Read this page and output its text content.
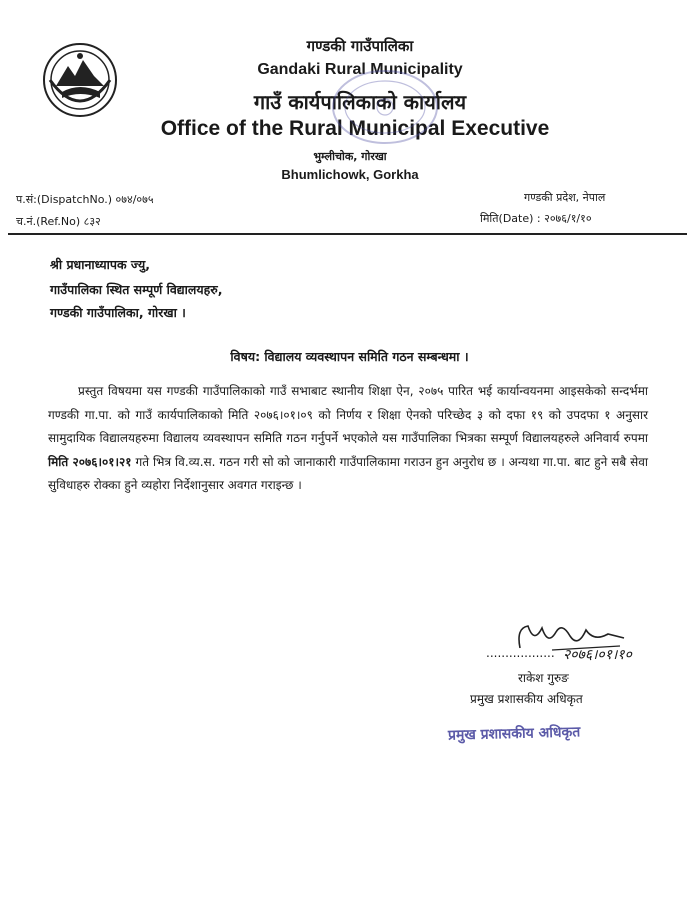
गण्डकी गाउँपालिका
Gandaki Rural Municipality
गाउँ कार्यपालिकाको कार्यालय
Office of the Rural Municipal Executive
भुम्लीचोक, गोरखा
Bhumlichowk, Gorkha
प.सं:(DispatchNo.) ०७४/०७५
च.नं.(Ref.No) ८३२
गण्डकी प्रदेश, नेपाल
मिति(Date) : २०७६/१/१०
श्री प्रधानाध्यापक ज्यु,
गाउँपालिका स्थित सम्पूर्ण विद्यालयहरु,
गण्डकी गाउँपालिका, गोरखा ।
विषय: विद्यालय व्यवस्थापन समिति गठन सम्बन्धमा ।
प्रस्तुत विषयमा यस गण्डकी गाउँपालिकाको गाउँ सभाबाट स्थानीय शिक्षा ऐन, २०७५ पारित भई कार्यान्वयनमा आइसकेको सन्दर्भमा गण्डकी गा.पा. को गाउँ कार्यपालिकाको मिति २०७६।०१।०९ को निर्णय र शिक्षा ऐनको परिच्छेद ३ को दफा १९ को उपदफा १ अनुसार सामुदायिक विद्यालयहरुमा विद्यालय व्यवस्थापन समिति गठन गर्नुपर्ने भएकोले यस गाउँपालिका भित्रका सम्पूर्ण विद्यालयहरुले अनिवार्य रुपमा मिति २०७६।०१।२१ गते भित्र वि.व्य.स. गठन गरी सो को जानाकारी गाउँपालिकामा गराउन हुन अनुरोध छ । अन्यथा गा.पा. बाट हुने सबै सेवा सुविधाहरु रोक्का हुने व्यहोरा निर्देशानुसार अवगत गराइन्छ ।
.................. २०७६।०१।१०
राकेश गुरुङ
प्रमुख प्रशासकीय अधिकृत
प्रमुख प्रशासकीय अधिकृत
